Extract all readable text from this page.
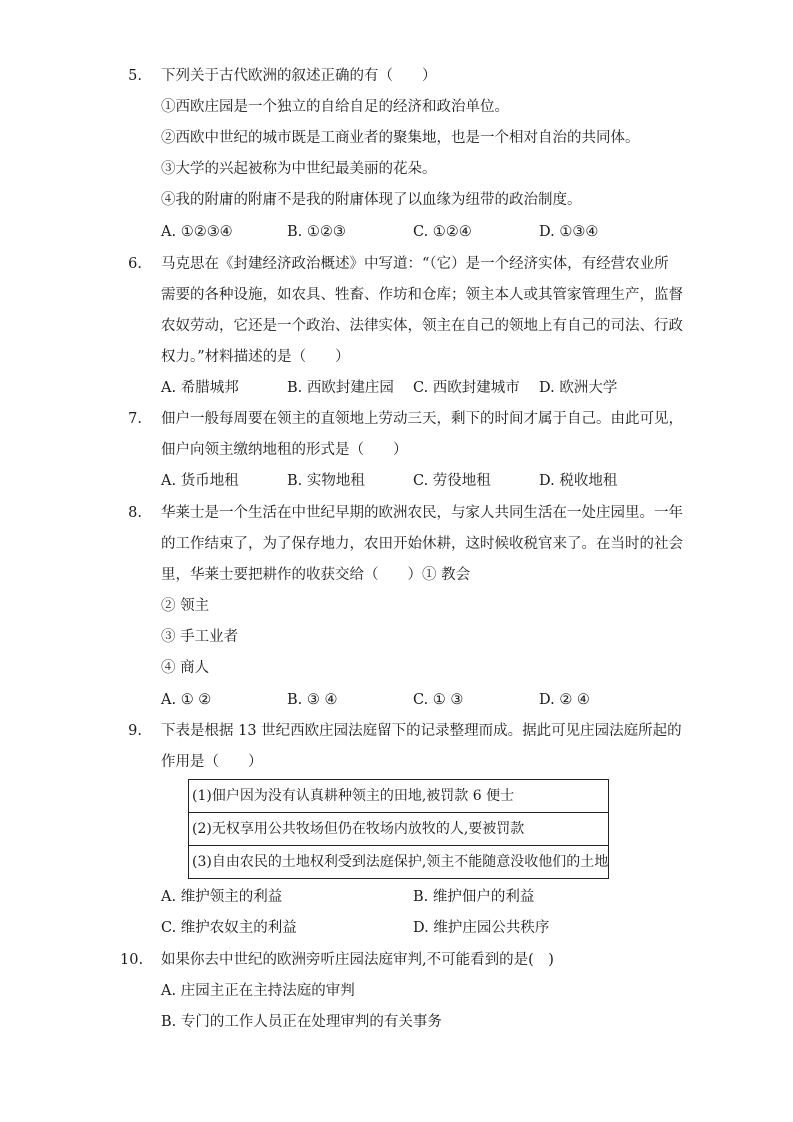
5. 下列关于古代欧洲的叙述正确的有（　　）
①西欧庄园是一个独立的自给自足的经济和政治单位。
②西欧中世纪的城市既是工商业者的聚集地，也是一个相对自治的共同体。
③大学的兴起被称为中世纪最美丽的花朵。
④我的附庸的附庸不是我的附庸体现了以血缘为纽带的政治制度。
A. ①②③④	B. ①②③	C. ①②④	D. ①③④
6. 马克思在《封建经济政治概述》中写道：“（它）是一个经济实体，有经营农业所
需要的各种设施，如农具、牲畜、作坊和仓库；领主本人或其管家管理生产，监督
农奴劳动，它还是一个政治、法律实体，领主在自己的领地上有自己的司法、行政
权力。”材料描述的是（　　）
A. 希腊城邦	B. 西欧封建庄园 C. 西欧封建城市 D. 欧洲大学
7. 佃户一般每周要在领主的直领地上劳动三天，剩下的时间才属于自己。由此可见，
佃户向领主缴纳地租的形式是（　　）
A. 货币地租	B. 实物地租	C. 劳役地租	D. 税收地租
8. 华莱士是一个生活在中世纪早期的欧洲农民，与家人共同生活在一处庄园里。一年
的工作结束了，为了保存地力，农田开始休耕，这时候收税官来了。在当时的社会
里，华莱士要把耕作的收获交给（　　）① 教会
② 领主
③ 手工业者
④ 商人
A. ① ②	B. ③ ④	C. ① ③	D. ② ④
9. 下表是根据 13 世纪西欧庄园法庭留下的记录整理而成。据此可见庄园法庭所起的
作用是（　　）
(1)佃户因为没有认真耕种领主的田地,被罚款 6 便士
(2)无权享用公共牧场但仍在牧场内放牧的人,要被罚款
(3)自由农民的土地权利受到法庭保护,领主不能随意没收他们的土地
A. 维护领主的利益	B. 维护佃户的利益
C. 维护农奴主的利益	D. 维护庄园公共秩序
10.	如果你去中世纪的欧洲旁听庄园法庭审判,不可能看到的是(　)
A. 庄园主正在主持法庭的审判
B. 专门的工作人员正在处理审判的有关事务
